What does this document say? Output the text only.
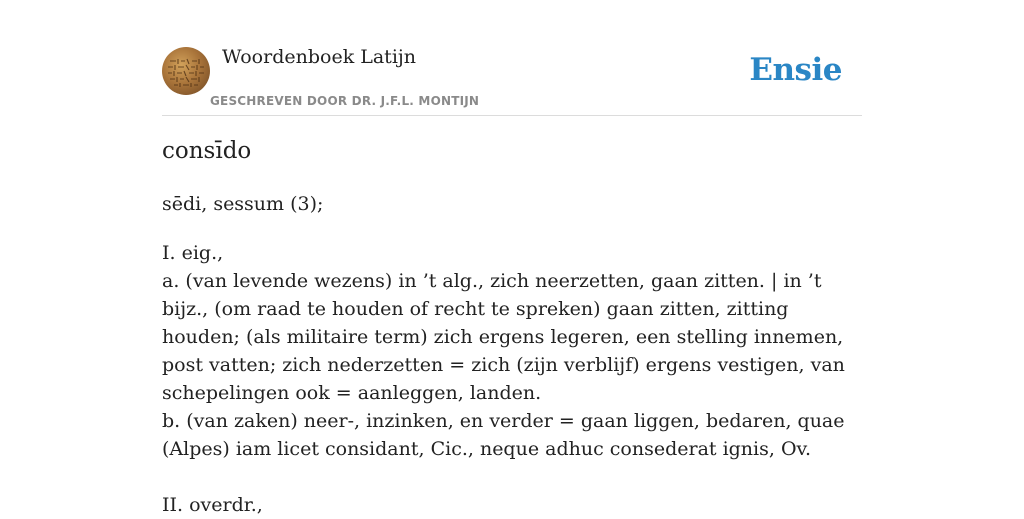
Woordenboek Latijn
GESCHREVEN DOOR DR. J.F.L. MONTIJN
Ensie
consīdo
sēdi, sessum (3);

I. eig.,

a. (van levende wezens) in ’t alg., zich neerzetten, gaan zitten. | in ’t bijz., (om raad te houden of recht te spreken) gaan zitten, zitting houden; (als militaire term) zich ergens legeren, een stelling innemen, post vatten; zich nederzetten = zich (zijn verblijf) ergens vestigen, van schepelingen ook = aanleggen, landen.

b. (van zaken) neer-, inzinken, en verder = gaan liggen, bedaren, quae (Alpes) iam licet considant, Cic., neque adhuc consederat ignis, Ov.

II. overdr.,
